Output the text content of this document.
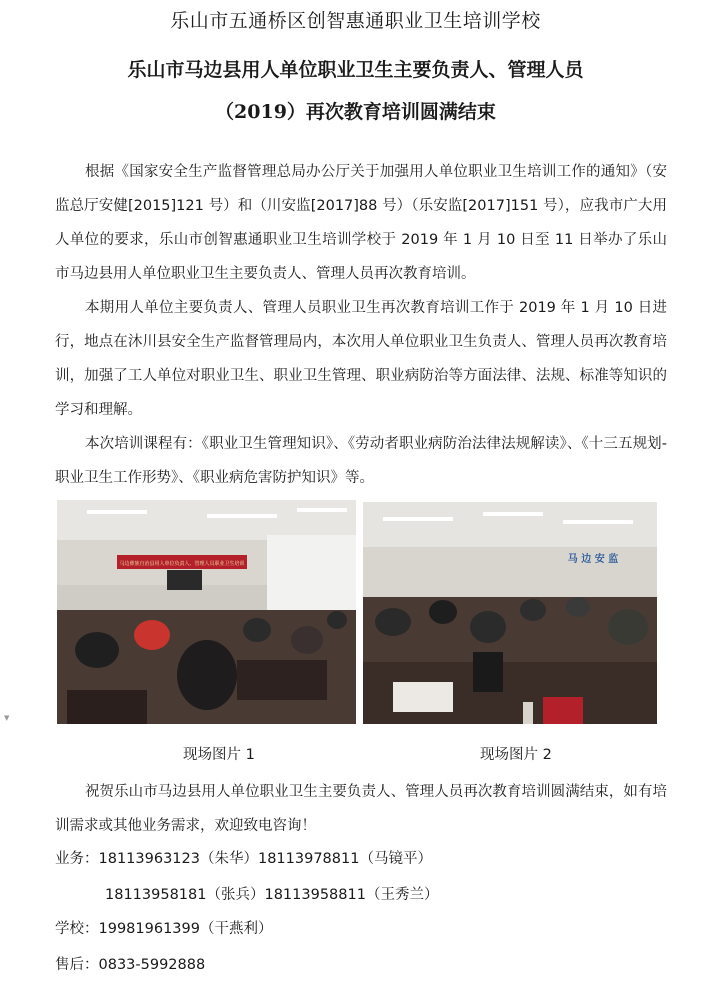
乐山市五通桥区创智惠通职业卫生培训学校
乐山市马边县用人单位职业卫生主要负责人、管理人员
（2019）再次教育培训圆满结束

根据《国家安全生产监督管理总局办公厅关于加强用人单位职业卫生培训工作的通知》（安监总厅安健[2015]121 号）和（川安监[2017]88 号）（乐安监[2017]151 号），应我市广大用人单位的要求，乐山市创智惠通职业卫生培训学校于 2019 年 1 月 10 日至 11 日举办了乐山市马边县用人单位职业卫生主要负责人、管理人员再次教育培训。

本期用人单位主要负责人、管理人员职业卫生再次教育培训工作于 2019 年 1 月 10 日进行，地点在沐川县安全生产监督管理局内，本次用人单位职业卫生负责人、管理人员再次教育培训，加强了工人单位对职业卫生、职业卫生管理、职业病防治等方面法律、法规、标准等知识的学习和理解。

本次培训课程有：《职业卫生管理知识》、《劳动者职业病防治法律法规解读》、《十三五规划-职业卫生工作形势》、《职业病危害防护知识》等。

马边彝族自治县用人单位负责人、管理人员职业卫生培训	马 边 安 监
现场图片 1	现场图片 2

祝贺乐山市马边县用人单位职业卫生主要负责人、管理人员再次教育培训圆满结束，如有培训需求或其他业务需求，欢迎致电咨询！

业务：18113963123（朱华）18113978811（马镜平）
18113958181（张兵）18113958811（王秀兰）
学校：19981961399（干燕利）
售后：0833-5992888
▼
